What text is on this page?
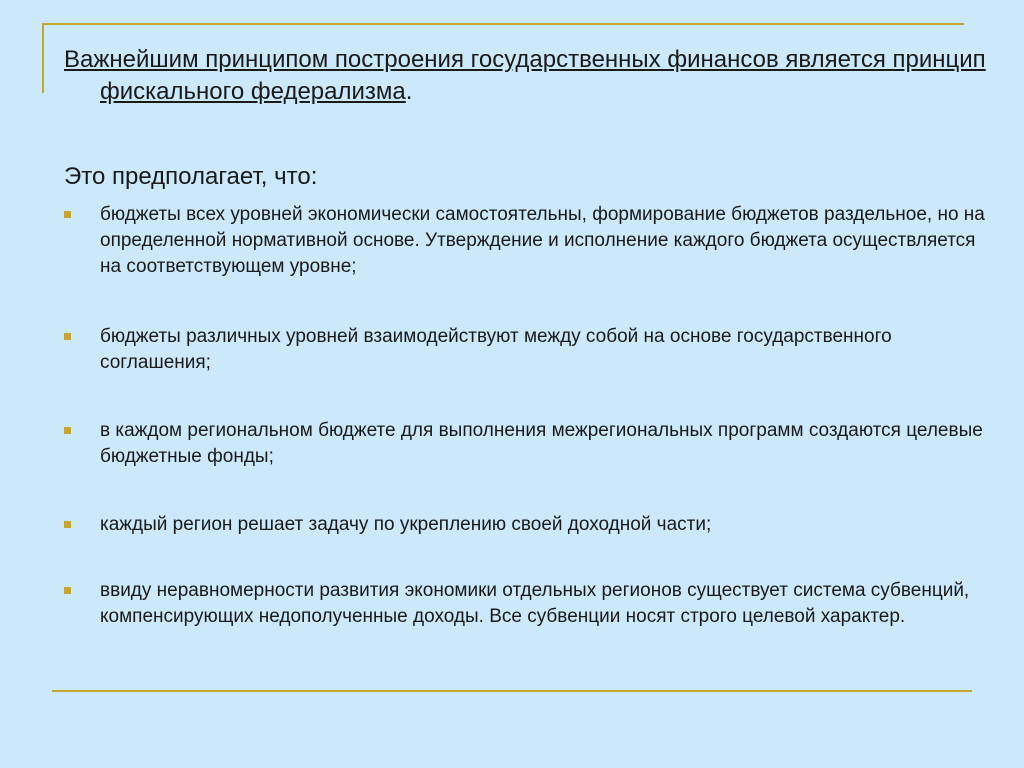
Важнейшим принципом построения государственных финансов является принцип фискального федерализма.
Это предполагает, что:
бюджеты всех уровней экономически самостоятельны, формирование бюджетов раздельное, но на определенной нормативной основе. Утверждение и исполнение каждого бюджета осуществляется на соответствующем уровне;
бюджеты различных уровней взаимодействуют между собой на основе государственного соглашения;
в каждом региональном бюджете для выполнения межрегиональных программ создаются целевые бюджетные фонды;
каждый регион решает задачу по укреплению своей доходной части;
ввиду неравномерности развития экономики отдельных регионов существует система субвенций, компенсирующих недополученные доходы. Все субвенции носят строго целевой характер.
